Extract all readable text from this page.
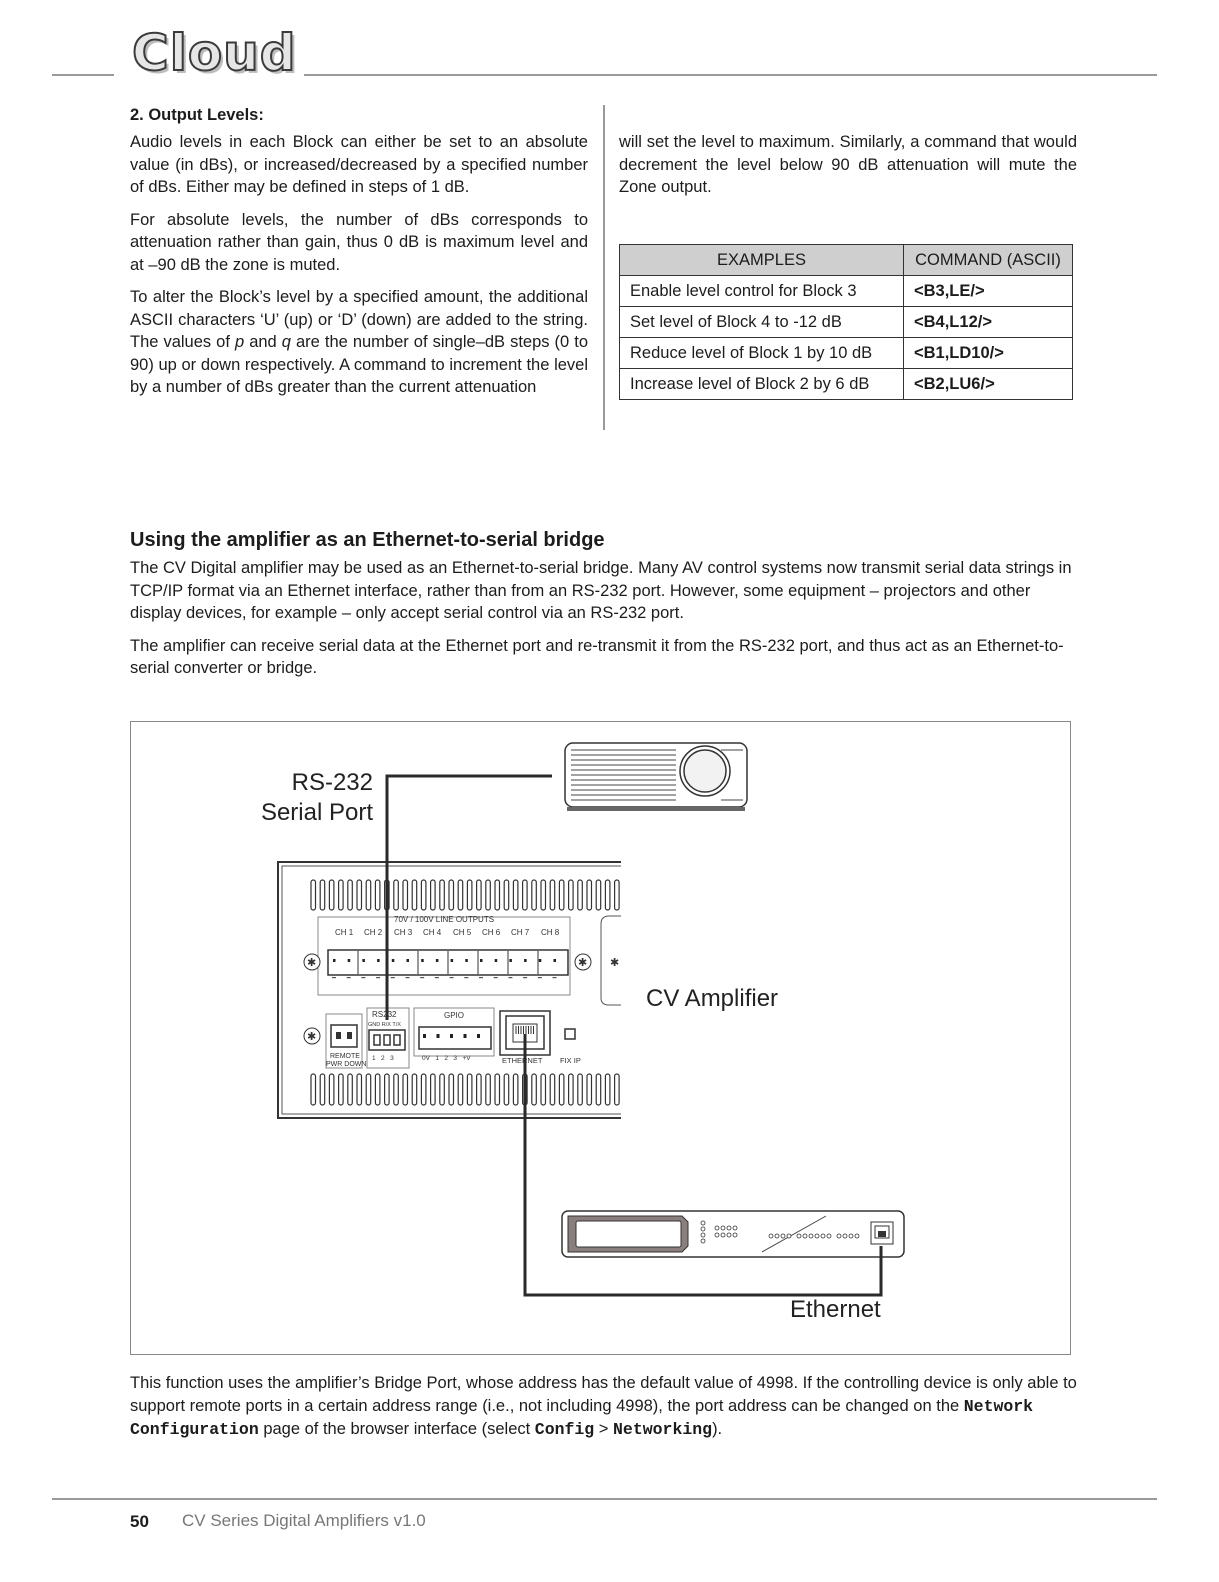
Cloud
2. Output Levels:

Audio levels in each Block can either be set to an absolute value (in dBs), or increased/decreased by a specified number of dBs. Either may be defined in steps of 1 dB.

For absolute levels, the number of dBs corresponds to attenuation rather than gain, thus 0 dB is maximum level and at –90 dB the zone is muted.

To alter the Block’s level by a specified amount, the additional ASCII characters ‘U’ (up) or ‘D’ (down) are added to the string. The values of p and q are the number of single–dB steps (0 to 90) up or down respectively. A command to increment the level by a number of dBs greater than the current attenuation

will set the level to maximum. Similarly, a command that would decrement the level below 90 dB attenuation will mute the Zone output.

EXAMPLES	COMMAND (ASCII)
Enable level control for Block 3	<B3,LE/>
Set level of Block 4 to -12 dB	<B4,L12/>
Reduce level of Block 1 by 10 dB	<B1,LD10/>
Increase level of Block 2 by 6 dB	<B2,LU6/>
Using the amplifier as an Ethernet-to-serial bridge

The CV Digital amplifier may be used as an Ethernet-to-serial bridge. Many AV control systems now transmit serial data strings in TCP/IP format via an Ethernet interface, rather than from an RS-232 port. However, some equipment – projectors and other display devices, for example – only accept serial control via an RS-232 port.

The amplifier can receive serial data at the Ethernet port and re-transmit it from the RS-232 port, and thus act as an Ethernet-to-serial converter or bridge.

70V / 100V LINE OUTPUTS
CH 1 CH 2 CH 3 CH 4 CH 5 CH 6 CH 7 CH 8
✱	✱ ✱
✱
REMOTE
PWR DOWN
RS232
GND R/X T/X
1   2   3
GPIO
0V   1   2   3   +V	ETHERNET FIX IP
RS-232
Serial Port
CV Amplifier
Ethernet

This function uses the amplifier’s Bridge Port, whose address has the default value of 4998. If the controlling device is only able to support remote ports in a certain address range (i.e., not including 4998), the port address can be changed on the Network Configuration page of the browser interface (select Config > Networking).

50 CV Series Digital Amplifiers v1.0
